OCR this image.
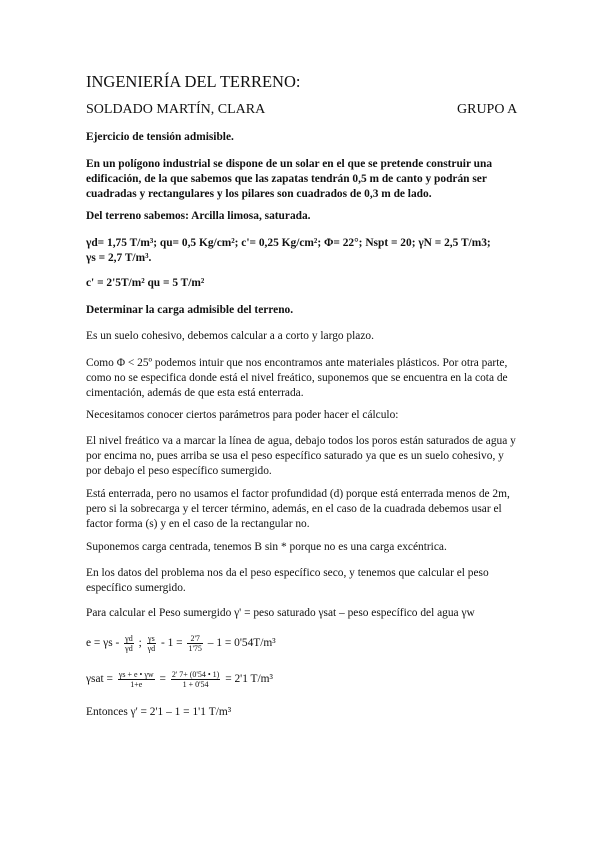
INGENIERÍA DEL TERRENO:
SOLDADO MARTÍN, CLARA	GRUPO A
Ejercicio de tensión admisible.
En un polígono industrial se dispone de un solar en el que se pretende construir una edificación, de la que sabemos que las zapatas tendrán 0,5 m de canto y podrán ser cuadradas y rectangulares y los pilares son cuadrados de 0,3 m de lado.
Del terreno sabemos: Arcilla limosa, saturada.
γd= 1,75 T/m³; qu= 0,5 Kg/cm²; c'= 0,25 Kg/cm²; Φ= 22°; Nspt = 20; γN = 2,5 T/m3;
γs = 2,7 T/m³.
c' = 2'5T/m² qu = 5 T/m²
Determinar la carga admisible del terreno.
Es un suelo cohesivo, debemos calcular a a corto y largo plazo.
Como Φ < 25º podemos intuir que nos encontramos ante materiales plásticos. Por otra parte, como no se especifica donde está el nivel freático, suponemos que se encuentra en la cota de cimentación, además de que esta está enterrada.
Necesitamos conocer ciertos parámetros para poder hacer el cálculo:
El nivel freático va a marcar la línea de agua, debajo todos los poros están saturados de agua y por encima no, pues arriba se usa el peso específico saturado ya que es un suelo cohesivo, y por debajo el peso específico sumergido.
Está enterrada, pero no usamos el factor profundidad (d) porque está enterrada menos de 2m, pero si la sobrecarga y el tercer término, además, en el caso de la cuadrada debemos usar el factor forma (s) y en el caso de la rectangular no.
Suponemos carga centrada, tenemos B sin * porque no es una carga excéntrica.
En los datos del problema nos da el peso específico seco, y tenemos que calcular el peso específico sumergido.
Para calcular el Peso sumergido γ' = peso saturado γsat – peso específico del agua γw
$e = \gamma s - \frac{\gamma d}{\gamma d}$ ; $\frac{\gamma s}{\gamma d} - 1 = \frac{2'7}{1'75} - 1 = 0'54T/m^3$
$\gamma sat = \frac{\gamma s + e • \gamma w}{1+e} = \frac{2' 7+ (0'54 • 1)}{1 + 0'54} = 2'1$ T/m³
Entonces γ' = 2'1 – 1 = 1'1 T/m³
